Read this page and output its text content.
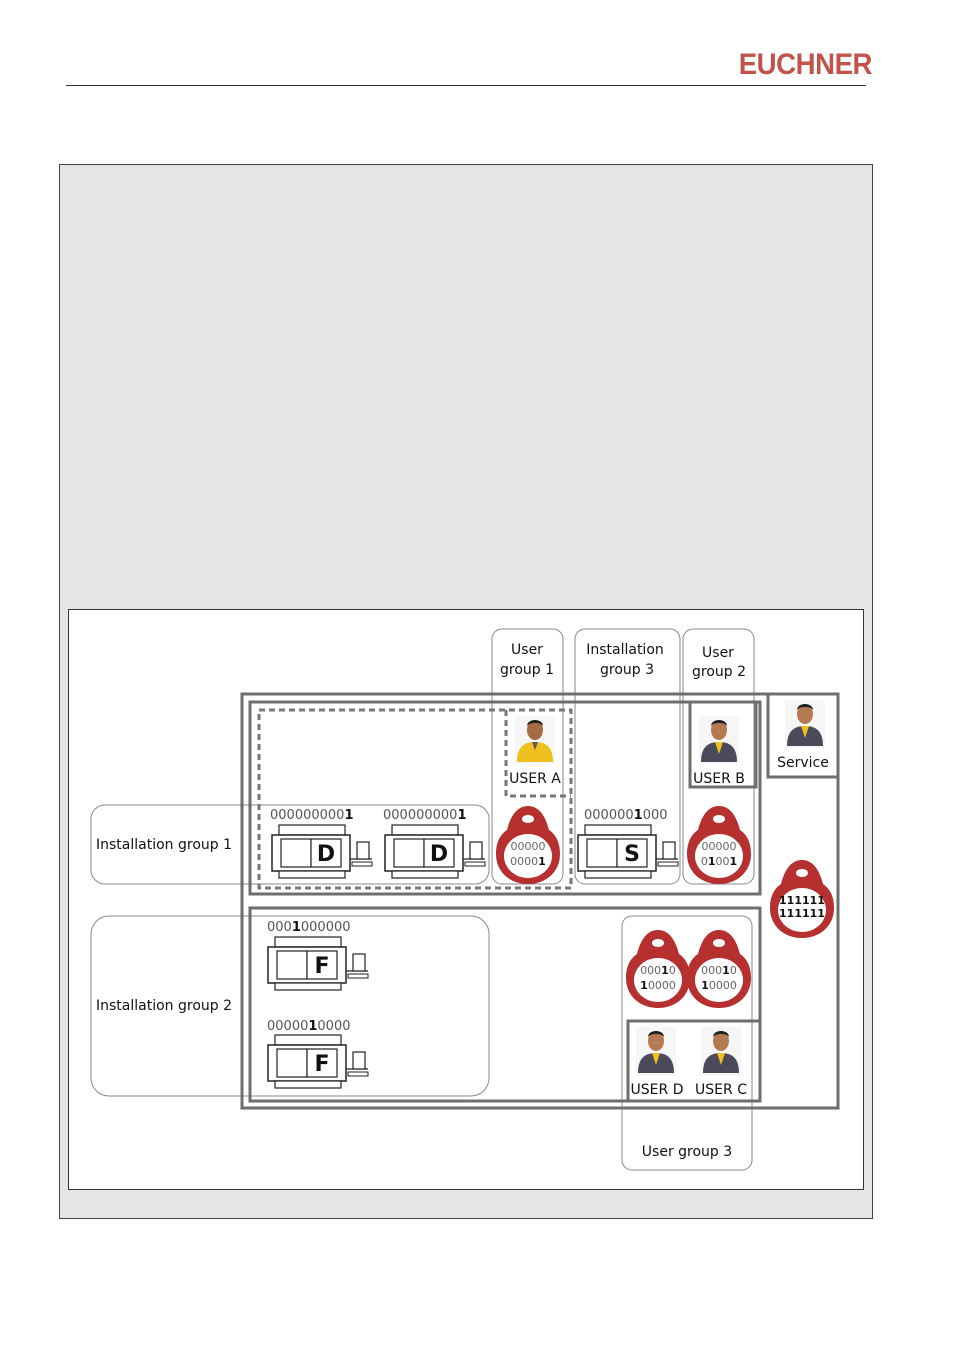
EUCHNER
User
group 1
Installation
group 3
User
group 2
Installation group 1
Installation group 2
User group 3
USER A	USER B
Service
USER D USER C
0000000001 0000000001	0000001000
0001000000
0000010000
D	D	S
F
F
00000
00001
00000
01001
00010
10000
00010
10000
111111
111111
